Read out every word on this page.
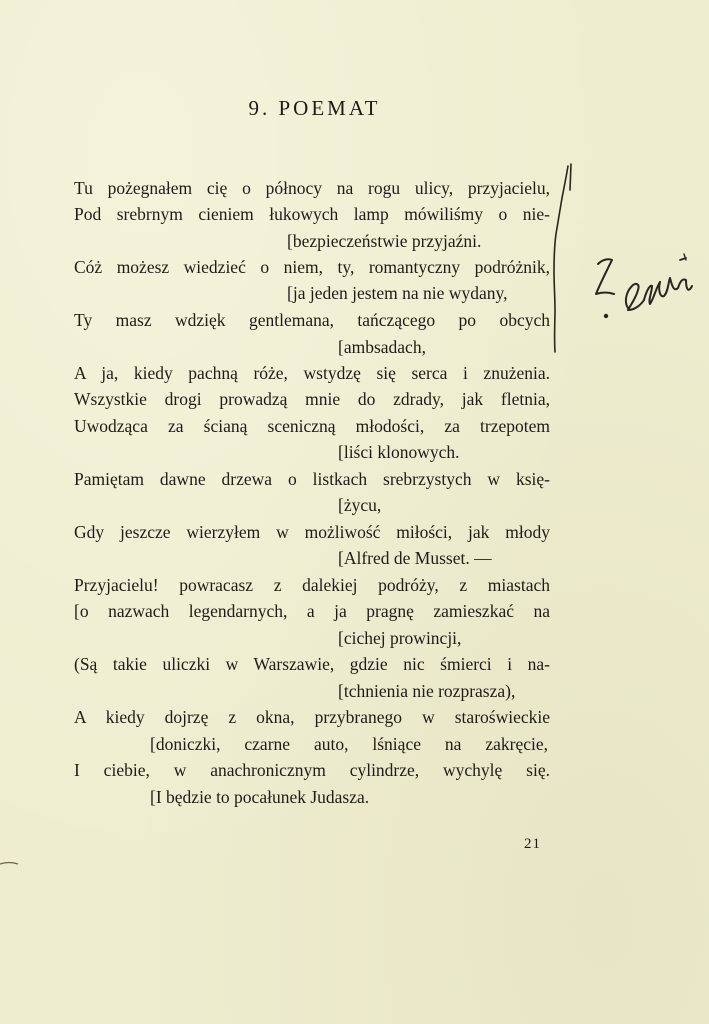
9. POEMAT
Tu pożegnałem cię o północy na rogu ulicy, przyjacielu,
Pod srebrnym cieniem łukowych lamp mówiliśmy o nie-
[bezpieczeństwie przyjaźni.
Cóż możesz wiedzieć o niem, ty, romantyczny podróżnik,
[ja jeden jestem na nie wydany,
Ty masz wdzięk gentlemana, tańczącego po obcych
[ambsadach,
A ja, kiedy pachną róże, wstydzę się serca i znużenia.
Wszystkie drogi prowadzą mnie do zdrady, jak fletnia,
Uwodząca za ścianą sceniczną młodości, za trzepotem
[liści klonowych.
Pamiętam dawne drzewa o listkach srebrzystych w księ-
[życu,
Gdy jeszcze wierzyłem w możliwość miłości, jak młody
[Alfred de Musset. —
Przyjacielu! powracasz z dalekiej podróży, z miastach
[o nazwach legendarnych, a ja pragnę zamieszkać na
[cichej prowincji,
(Są takie uliczki w Warszawie, gdzie nic śmierci i na-
[tchnienia nie rozprasza),
A kiedy dojrzę z okna, przybranego w staroświeckie
[doniczki, czarne auto, lśniące na zakręcie,
I ciebie, w anachronicznym cylindrze, wychylę się.
[I będzie to pocałunek Judasza.
21
